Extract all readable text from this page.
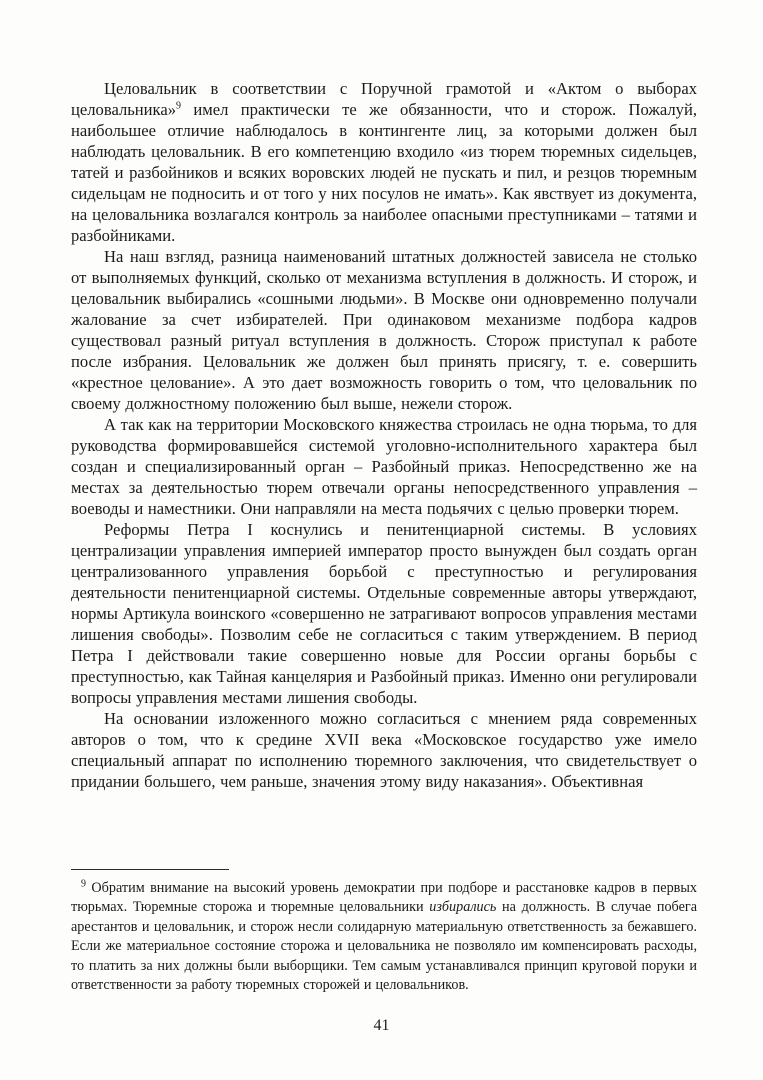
Целовальник в соответствии с Поручной грамотой и «Актом о выборах целовальника»$^9$ имел практически те же обязанности, что и сторож. Пожалуй, наибольшее отличие наблюдалось в контингенте лиц, за которыми должен был наблюдать целовальник. В его компетенцию входило «из тюрем тюремных сидельцев, татей и разбойников и всяких воровских людей не пускать и пил, и резцов тюремным сидельцам не подносить и от того у них посулов не имать». Как явствует из документа, на целовальника возлагался контроль за наиболее опасными преступниками – татями и разбойниками.

На наш взгляд, разница наименований штатных должностей зависела не столько от выполняемых функций, сколько от механизма вступления в должность. И сторож, и целовальник выбирались «сошными людьми». В Москве они одновременно получали жалование за счет избирателей. При одинаковом механизме подбора кадров существовал разный ритуал вступления в должность. Сторож приступал к работе после избрания. Целовальник же должен был принять присягу, т. е. совершить «крестное целование». А это дает возможность говорить о том, что целовальник по своему должностному положению был выше, нежели сторож.

А так как на территории Московского княжества строилась не одна тюрьма, то для руководства формировавшейся системой уголовно-исполнительного характера был создан и специализированный орган – Разбойный приказ. Непосредственно же на местах за деятельностью тюрем отвечали органы непосредственного управления – воеводы и наместники. Они направляли на места подьячих с целью проверки тюрем.

Реформы Петра I коснулись и пенитенциарной системы. В условиях централизации управления империей император просто вынужден был создать орган централизованного управления борьбой с преступностью и регулирования деятельности пенитенциарной системы. Отдельные современные авторы утверждают, нормы Артикула воинского «совершенно не затрагивают вопросов управления местами лишения свободы». Позволим себе не согласиться с таким утверждением. В период Петра I действовали такие совершенно новые для России органы борьбы с преступностью, как Тайная канцелярия и Разбойный приказ. Именно они регулировали вопросы управления местами лишения свободы.

На основании изложенного можно согласиться с мнением ряда современных авторов о том, что к средине XVII века «Московское государство уже имело специальный аппарат по исполнению тюремного заключения, что свидетельствует о придании большего, чем раньше, значения этому виду наказания». Объективная

$^9$ Обратим внимание на высокий уровень демократии при подборе и расстановке кадров в первых тюрьмах. Тюремные сторожа и тюремные целовальники избирались на должность. В случае побега арестантов и целовальник, и сторож несли солидарную материальную ответственность за бежавшего. Если же материальное состояние сторожа и целовальника не позволяло им компенсировать расходы, то платить за них должны были выборщики. Тем самым устанавливался принцип круговой поруки и ответственности за работу тюремных сторожей и целовальников.
41
